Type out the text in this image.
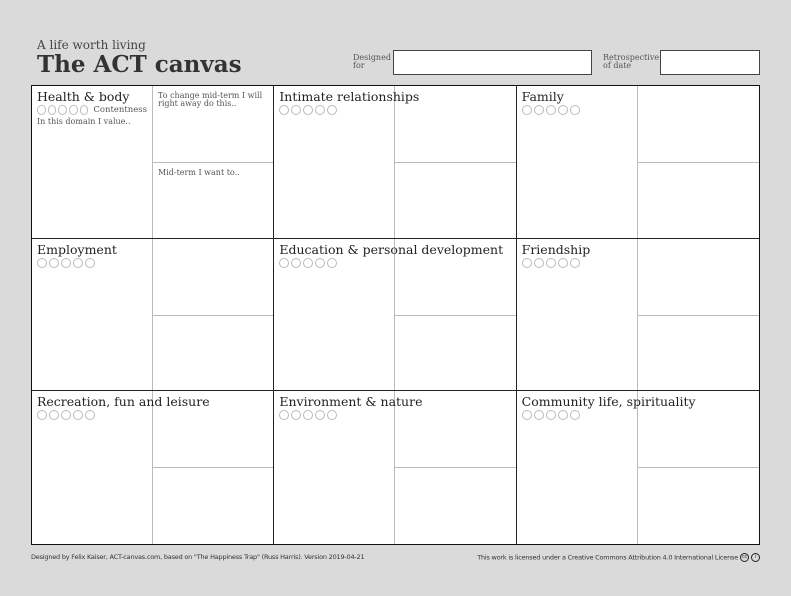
A life worth living
The ACT canvas	Designed for
Retrospective of date
Health & body
Contentness
In this domain I value..
To change mid-term I will right away do this..
Mid-term I want to..
Intimate relationships	Family
Employment	Education & personal development Friendship
Recreation, fun and leisure	Environment & nature	Community life, spirituality
Designed by Felix Kaiser, ACT-canvas.com, based on "The Happiness Trap" (Russ Harris). Version 2019-04-21	This work is licensed under a Creative Commons Attribution 4.0 International License cc i
